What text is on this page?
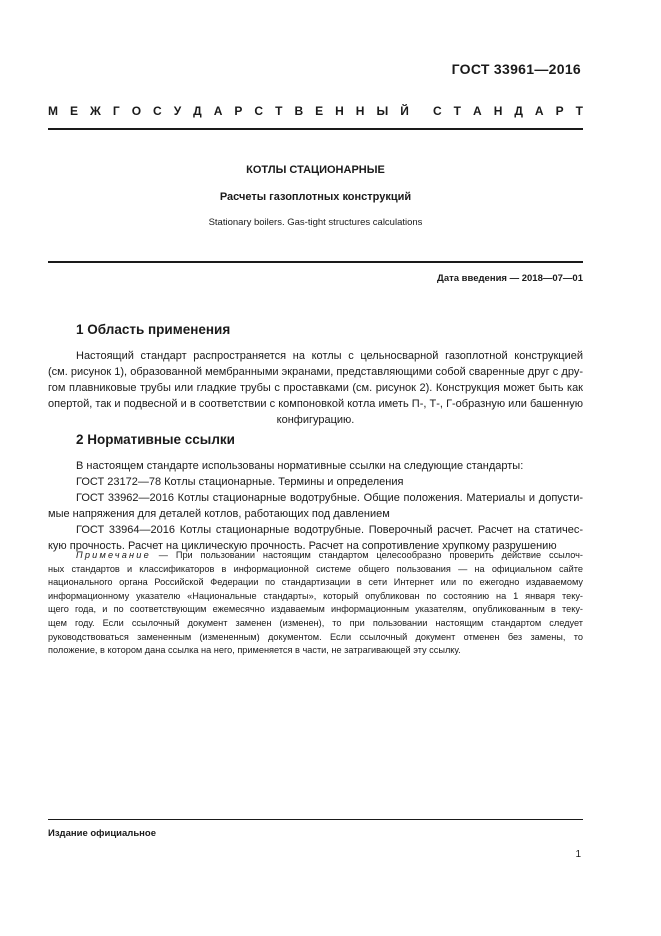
ГОСТ 33961—2016
М Е Ж Г О С У Д А Р С Т В Е Н Н Ы Й С Т А Н Д А Р Т
КОТЛЫ СТАЦИОНАРНЫЕ
Расчеты газоплотных конструкций
Stationary boilers. Gas-tight structures calculations
Дата введения — 2018—07—01
1 Область применения
Настоящий стандарт распространяется на котлы с цельносварной газоплотной конструкцией
(см. рисунок 1), образованной мембранными экранами, представляющими собой сваренные друг с дру-
гом плавниковые трубы или гладкие трубы с проставками (см. рисунок 2). Конструкция может быть как
опертой, так и подвесной и в соответствии с компоновкой котла иметь П-, Т-, Г-образную или башенную
конфигурацию.
2 Нормативные ссылки
В настоящем стандарте использованы нормативные ссылки на следующие стандарты:
ГОСТ 23172—78 Котлы стационарные. Термины и определения
ГОСТ 33962—2016 Котлы стационарные водотрубные. Общие положения. Материалы и допусти-
мые напряжения для деталей котлов, работающих под давлением
ГОСТ 33964—2016 Котлы стационарные водотрубные. Поверочный расчет. Расчет на статичес-
кую прочность. Расчет на циклическую прочность. Расчет на сопротивление хрупкому разрушению
Примечание — При пользовании настоящим стандартом целесообразно проверить действие ссылоч-
ных стандартов и классификаторов в информационной системе общего пользования — на официальном сайте
национального органа Российской Федерации по стандартизации в сети Интернет или по ежегодно издаваемому
информационному указателю «Национальные стандарты», который опубликован по состоянию на 1 января теку-
щего года, и по соответствующим ежемесячно издаваемым информационным указателям, опубликованным в теку-
щем году. Если ссылочный документ заменен (изменен), то при пользовании настоящим стандартом следует
руководствоваться замененным (измененным) документом. Если ссылочный документ отменен без замены, то
положение, в котором дана ссылка на него, применяется в части, не затрагивающей эту ссылку.
Издание официальное
1
